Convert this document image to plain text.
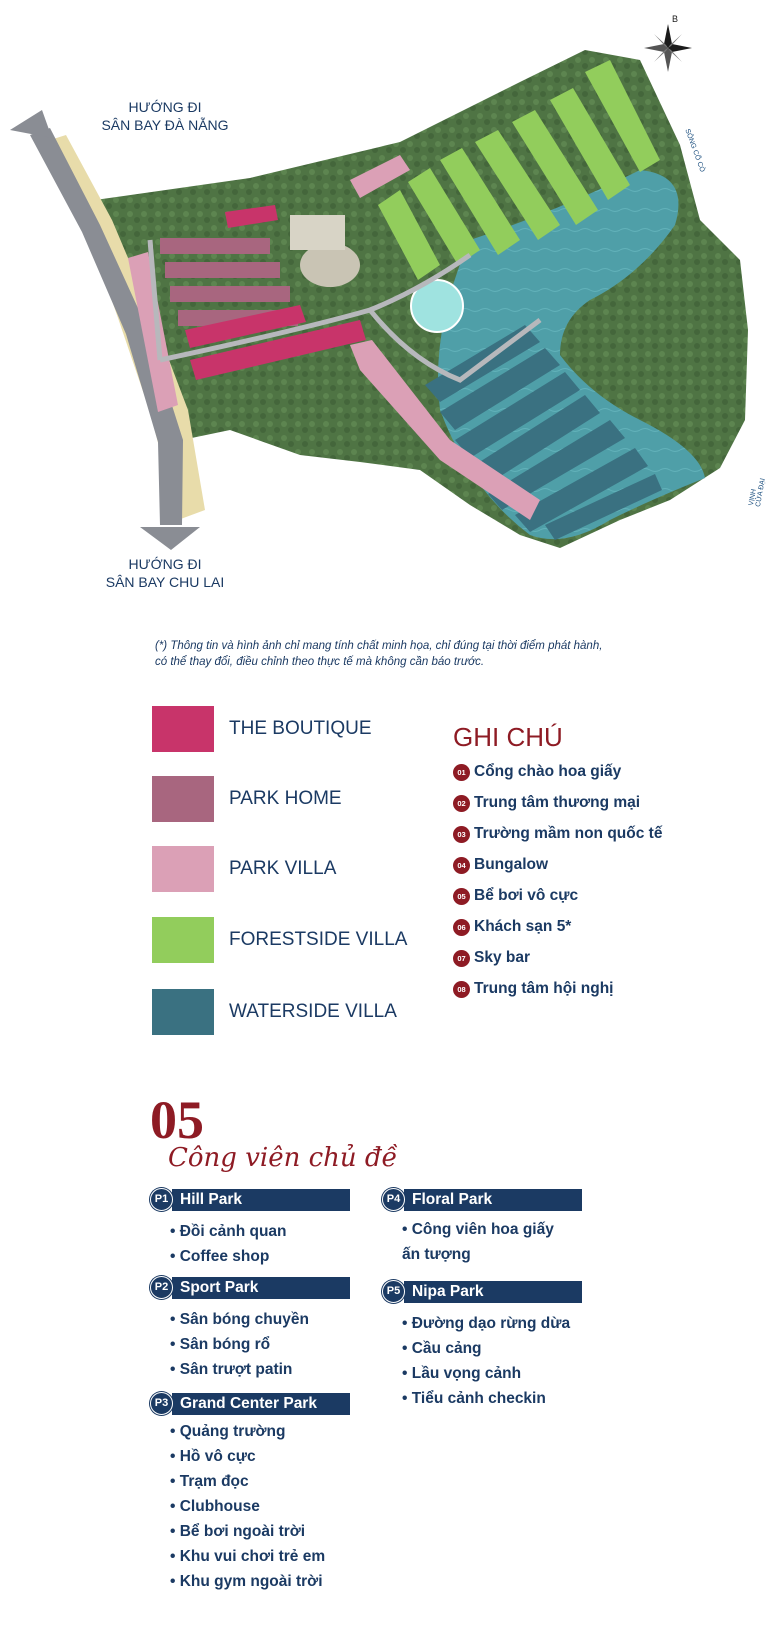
B
HƯỚNG ĐI
SÂN BAY ĐÀ NẴNG
HƯỚNG ĐI
SÂN BAY CHU LAI
SÔNG CỔ CÒ
VỊNH CỬA ĐẠI
(*) Thông tin và hình ảnh chỉ mang tính chất minh họa, chỉ đúng tại thời điểm phát hành,
có thể thay đổi, điều chỉnh theo thực tế mà không cần báo trước.
THE BOUTIQUE
PARK HOME
PARK VILLA
FORESTSIDE VILLA
WATERSIDE VILLA
GHI CHÚ
01 Cổng chào hoa giấy
02 Trung tâm thương mại
03 Trường mầm non quốc tế
04 Bungalow
05 Bể bơi vô cực
06 Khách sạn 5*
07 Sky bar
08 Trung tâm hội nghị
05
Công viên chủ đề
P1 Hill Park
• Đồi cảnh quan
• Coffee shop
P2 Sport Park
• Sân bóng chuyền
• Sân bóng rổ
• Sân trượt patin
P3 Grand Center Park
• Quảng trường
• Hồ vô cực
• Trạm đọc
• Clubhouse
• Bể bơi ngoài trời
• Khu vui chơi trẻ em
• Khu gym ngoài trời
P4 Floral Park
• Công viên hoa giấy ấn tượng
P5 Nipa Park
• Đường dạo rừng dừa
• Cầu cảng
• Lầu vọng cảnh
• Tiểu cảnh checkin
